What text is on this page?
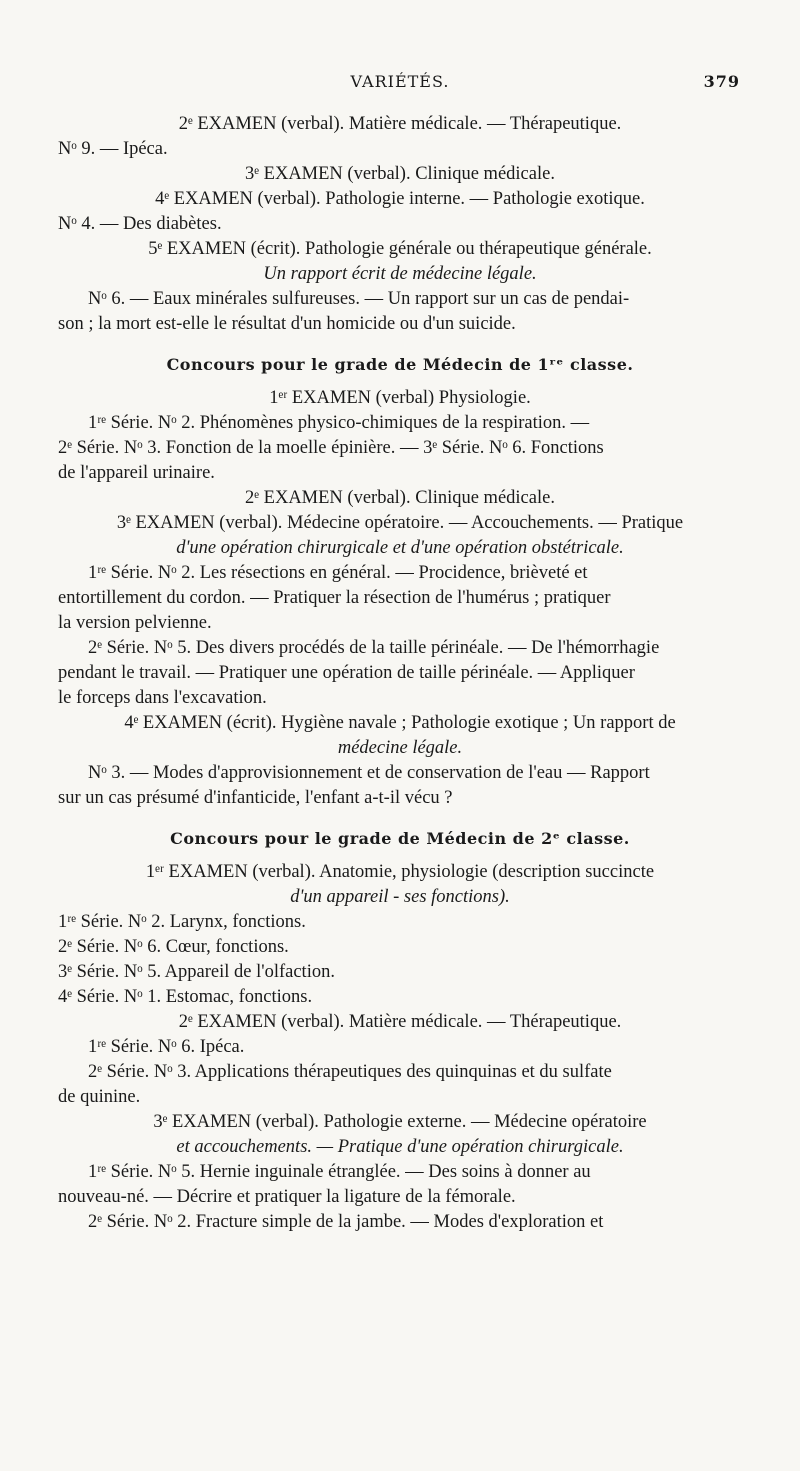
VARIÉTÉS.	379
2ᵉ EXAMEN (verbal). Matière médicale. — Thérapeutique.
Nᵒ 9. — Ipéca.
3ᵉ EXAMEN (verbal). Clinique médicale.
4ᵉ EXAMEN (verbal). Pathologie interne. — Pathologie exotique.
Nᵒ 4. — Des diabètes.
5ᵉ EXAMEN (écrit). Pathologie générale ou thérapeutique générale.
Un rapport écrit de médecine légale.
Nᵒ 6. — Eaux minérales sulfureuses. — Un rapport sur un cas de pendai-
son ; la mort est-elle le résultat d'un homicide ou d'un suicide.
Concours pour le grade de Médecin de 1ʳᵉ classe.
1ᵉʳ EXAMEN (verbal) Physiologie.
1ʳᵉ Série. Nᵒ 2. Phénomènes physico-chimiques de la respiration. —
2ᵉ Série. Nᵒ 3. Fonction de la moelle épinière. — 3ᵉ Série. Nᵒ 6. Fonctions
de l'appareil urinaire.
2ᵉ EXAMEN (verbal). Clinique médicale.
3ᵉ EXAMEN (verbal). Médecine opératoire. — Accouchements. — Pratique
d'une opération chirurgicale et d'une opération obstétricale.
1ʳᵉ Série. Nᵒ 2. Les résections en général. — Procidence, brièveté et
entortillement du cordon. — Pratiquer la résection de l'humérus ; pratiquer
la version pelvienne.
2ᵉ Série. Nᵒ 5. Des divers procédés de la taille périnéale. — De l'hémorrhagie
pendant le travail. — Pratiquer une opération de taille périnéale. — Appliquer
le forceps dans l'excavation.
4ᵉ EXAMEN (écrit). Hygiène navale ; Pathologie exotique ; Un rapport de
médecine légale.
Nᵒ 3. — Modes d'approvisionnement et de conservation de l'eau — Rapport
sur un cas présumé d'infanticide, l'enfant a-t-il vécu ?
Concours pour le grade de Médecin de 2ᵉ classe.
1ᵉʳ EXAMEN (verbal). Anatomie, physiologie (description succincte
d'un appareil - ses fonctions).
1ʳᵉ Série. Nᵒ 2. Larynx, fonctions.
2ᵉ Série. Nᵒ 6. Cœur, fonctions.
3ᵉ Série. Nᵒ 5. Appareil de l'olfaction.
4ᵉ Série. Nᵒ 1. Estomac, fonctions.
2ᵉ EXAMEN (verbal). Matière médicale. — Thérapeutique.
1ʳᵉ Série. Nᵒ 6. Ipéca.
2ᵉ Série. Nᵒ 3. Applications thérapeutiques des quinquinas et du sulfate
de quinine.
3ᵉ EXAMEN (verbal). Pathologie externe. — Médecine opératoire
et accouchements. — Pratique d'une opération chirurgicale.
1ʳᵉ Série. Nᵒ 5. Hernie inguinale étranglée. — Des soins à donner au
nouveau-né. — Décrire et pratiquer la ligature de la fémorale.
2ᵉ Série. Nᵒ 2. Fracture simple de la jambe. — Modes d'exploration et
